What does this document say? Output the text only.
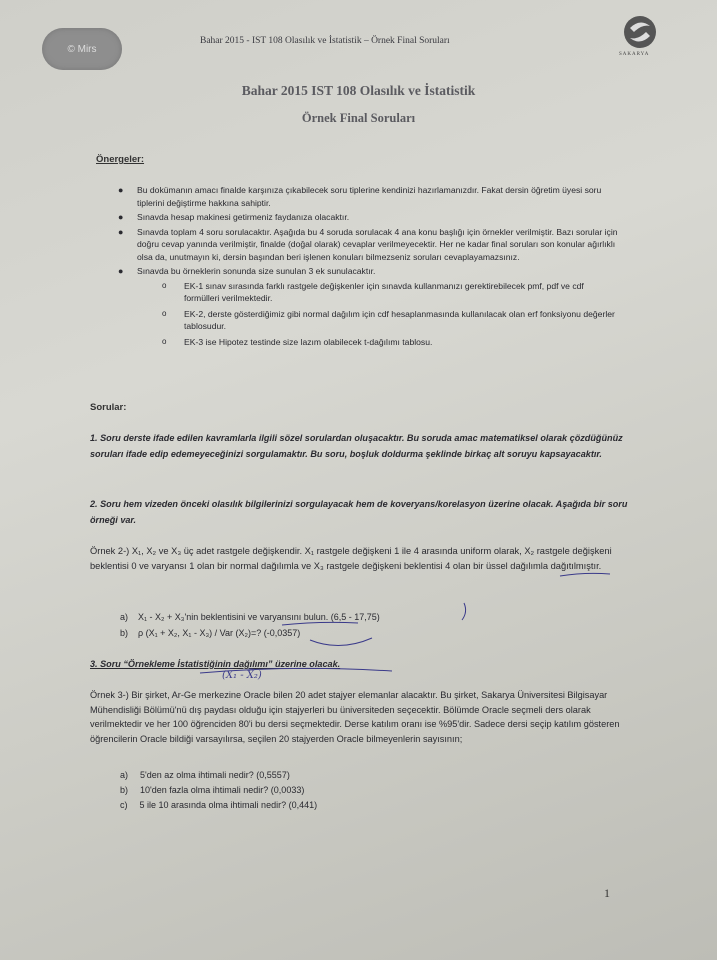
© Mirs
Bahar 2015 - IST 108 Olasılık ve İstatistik – Örnek Final Soruları
SAKARYA
Bahar 2015 IST 108 Olasılık ve İstatistik
Örnek Final Soruları
Önergeler:
●	Bu dokümanın amacı finalde karşınıza çıkabilecek soru tiplerine kendinizi hazırlamanızdır. Fakat dersin öğretim üyesi soru tiplerini değiştirme hakkına sahiptir.
●	Sınavda hesap makinesi getirmeniz faydanıza olacaktır.
●	Sınavda toplam 4 soru sorulacaktır. Aşağıda bu 4 soruda sorulacak 4 ana konu başlığı için örnekler verilmiştir. Bazı sorular için doğru cevap yanında verilmiştir, finalde (doğal olarak) cevaplar verilmeyecektir. Her ne kadar final soruları son konular ağırlıklı olsa da, unutmayın ki, dersin başından beri işlenen konuları bilmezseniz soruları cevaplayamazsınız.
●	Sınavda bu örneklerin sonunda size sunulan 3 ek sunulacaktır.
o	EK-1 sınav sırasında farklı rastgele değişkenler için sınavda kullanmanızı gerektirebilecek pmf, pdf ve cdf formülleri verilmektedir.
o	EK-2, derste gösterdiğimiz gibi normal dağılım için cdf hesaplanmasında kullanılacak olan erf fonksiyonu değerler tablosudur.
o	EK-3 ise Hipotez testinde size lazım olabilecek t-dağılımı tablosu.
Sorular:
1. Soru derste ifade edilen kavramlarla ilgili sözel sorulardan oluşacaktır. Bu soruda amac matematiksel olarak çözdüğünüz soruları ifade edip edemeyeceğinizi sorgulamaktır. Bu soru, boşluk doldurma şeklinde birkaç alt soruyu kapsayacaktır.
2. Soru hem vizeden önceki olasılık bilgilerinizi sorgulayacak hem de koveryans/korelasyon üzerine olacak. Aşağıda bir soru örneği var.
Örnek 2-) X₁, X₂ ve X₃ üç adet rastgele değişkendir. X₁ rastgele değişkeni 1 ile 4 arasında uniform olarak, X₂ rastgele değişkeni beklentisi 0 ve varyansı 1 olan bir normal dağılımla ve X₃ rastgele değişkeni beklentisi 4 olan bir üssel dağılımla dağıtılmıştır.
a) X₁ - X₂ + X₃'nin beklentisini ve varyansını bulun. (6,5 - 17,75)
b) ρ (X₁ + X₂, X₁ - X₃) / Var (X₂)=? (-0,0357)
3. Soru “Örnekleme İstatistiğinin dağılımı” üzerine olacak.
(X̅₁ - X̅₂)
Örnek 3-) Bir şirket, Ar-Ge merkezine Oracle bilen 20 adet stajyer elemanlar alacaktır. Bu şirket, Sakarya Üniversitesi Bilgisayar Mühendisliği Bölümü'nü dış paydası olduğu için stajyerleri bu üniversiteden seçecektir. Bölümde Oracle seçmeli ders olarak verilmektedir ve her 100 öğrenciden 80'i bu dersi seçmektedir. Derse katılım oranı ise %95'dir. Sadece dersi seçip katılım gösteren öğrencilerin Oracle bildiği varsayılırsa, seçilen 20 stajyerden Oracle bilmeyenlerin sayısının;
a) 5'den az olma ihtimali nedir? (0,5557)
b) 10'den fazla olma ihtimali nedir? (0,0033)
c) 5 ile 10 arasında olma ihtimali nedir? (0,441)
1
